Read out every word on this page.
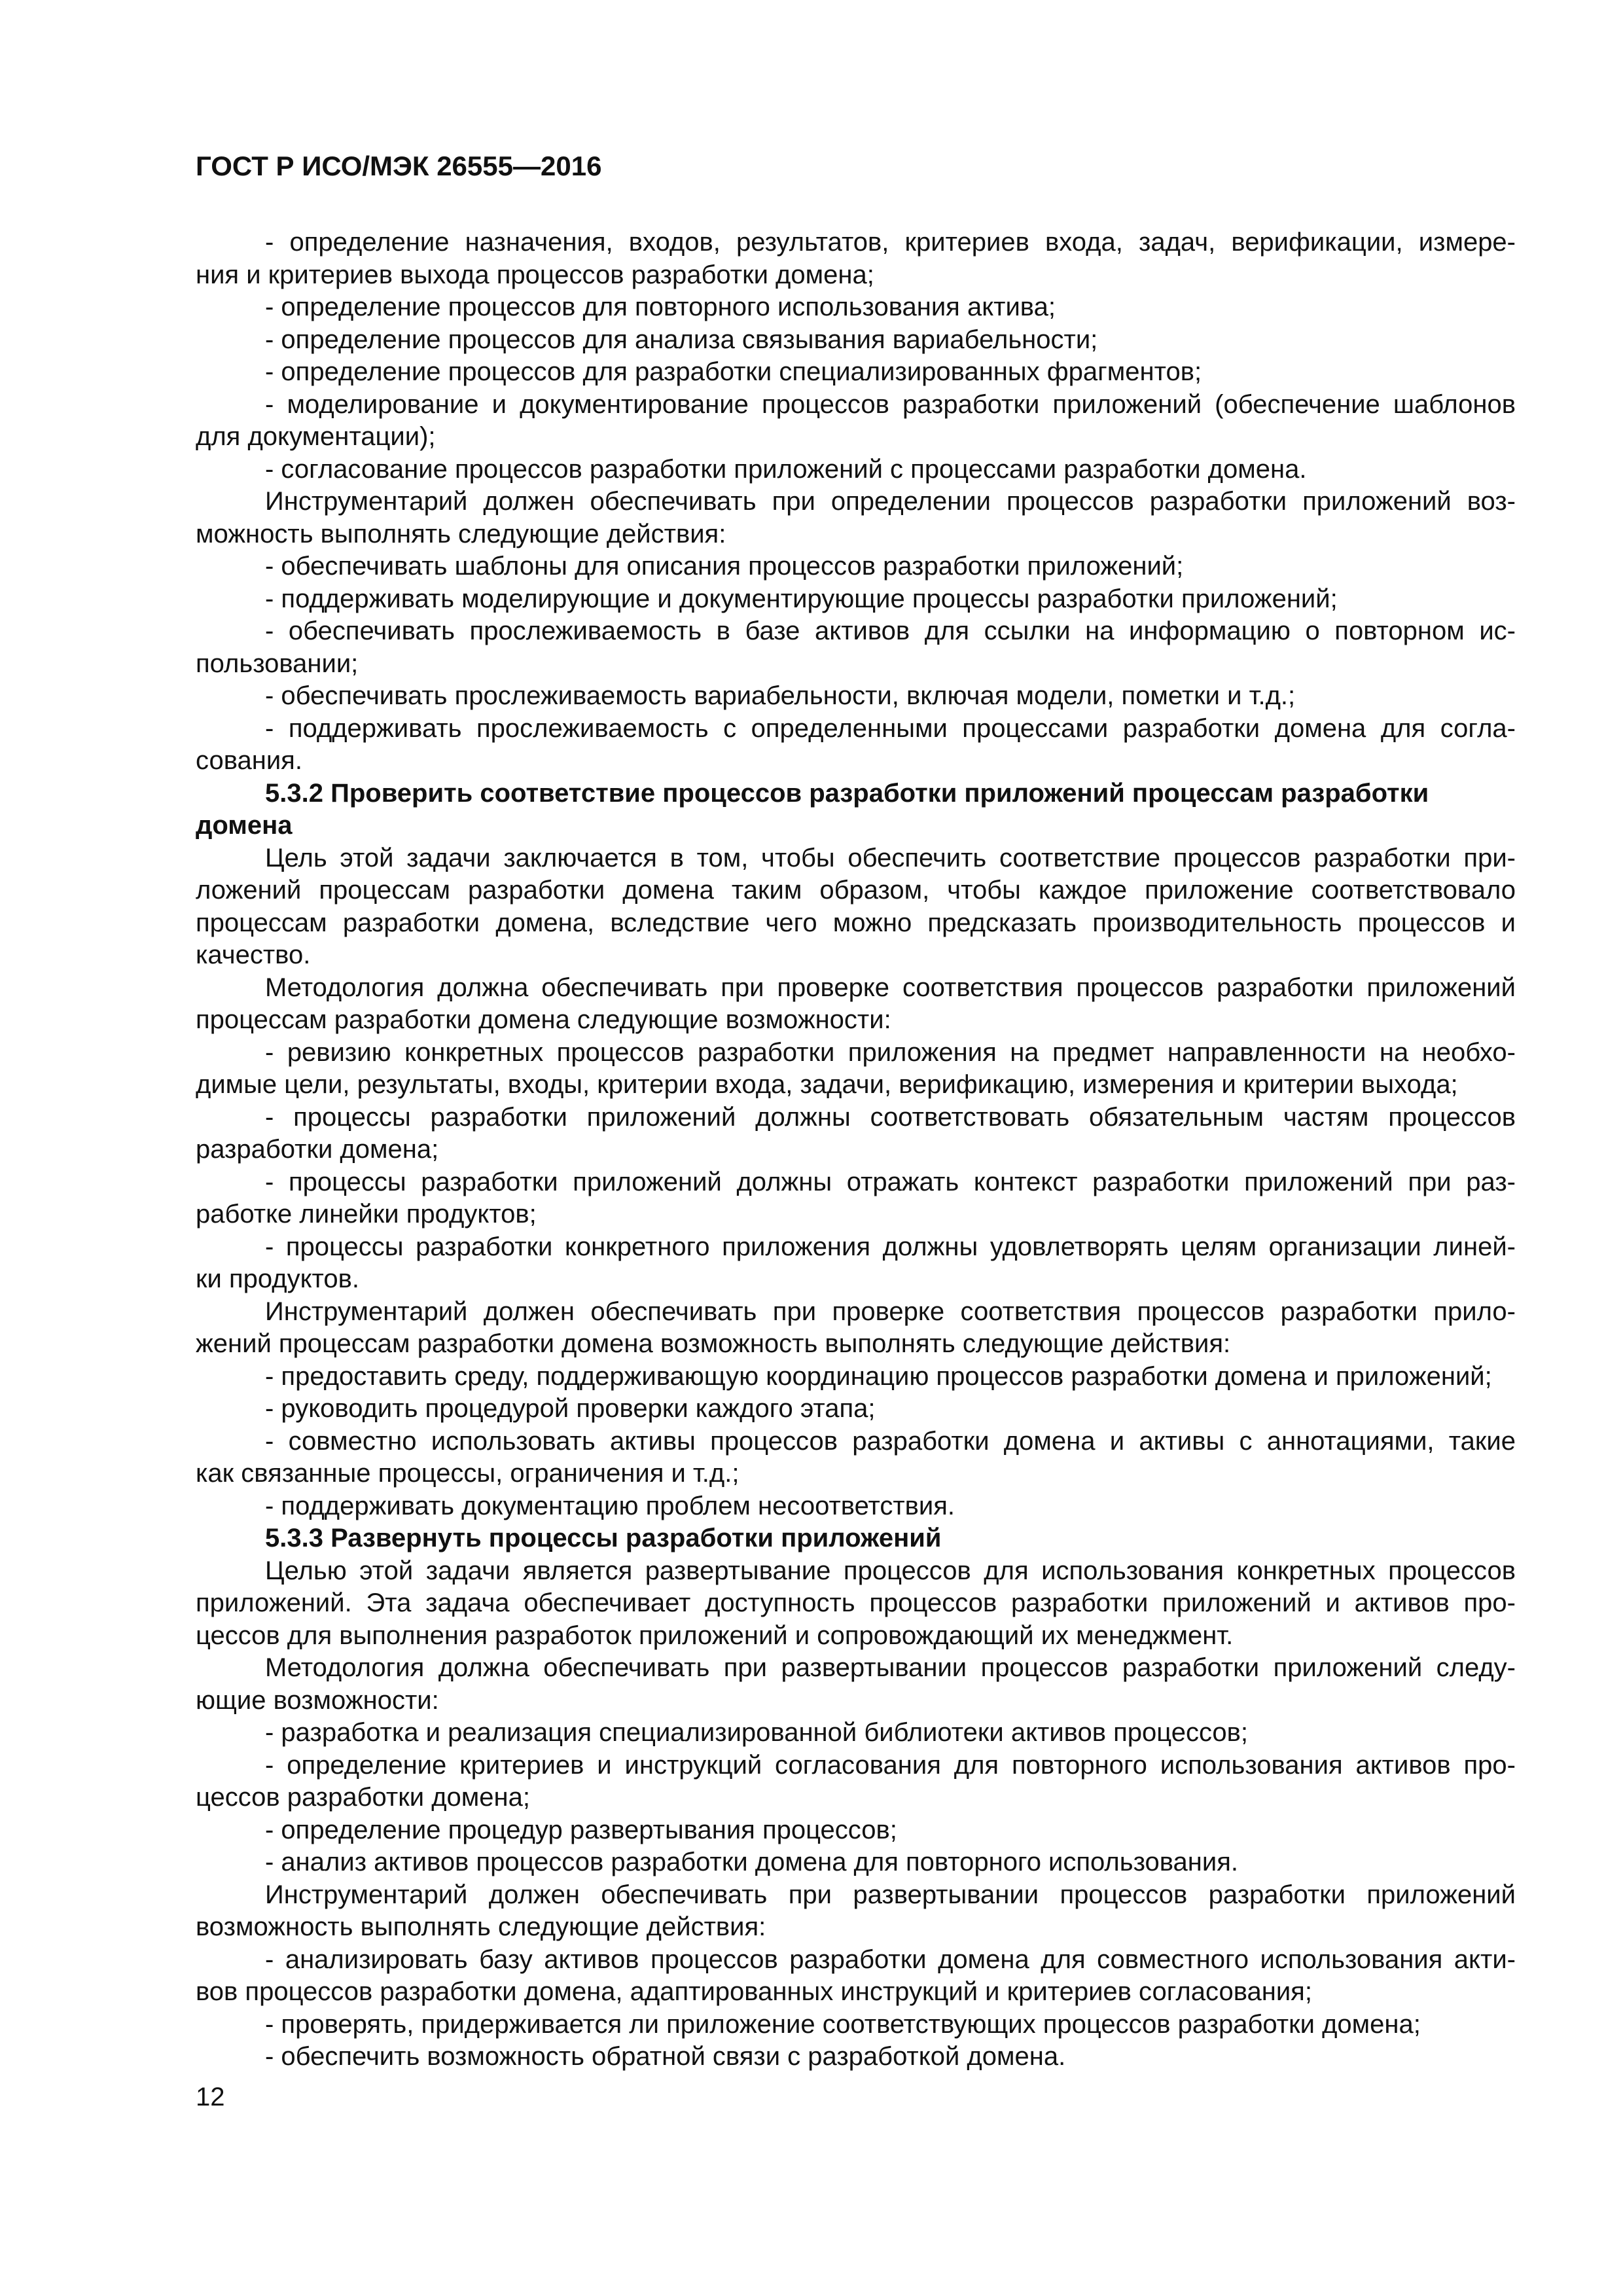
ГОСТ Р ИСО/МЭК 26555—2016
- определение назначения, входов, результатов, критериев входа, задач, верификации, измере-
ния и критериев выхода процессов разработки домена;
- определение процессов для повторного использования актива;
- определение процессов для анализа связывания вариабельности;
- определение процессов для разработки специализированных фрагментов;
- моделирование и документирование процессов разработки приложений (обеспечение шаблонов
для документации);
- согласование процессов разработки приложений с процессами разработки домена.
Инструментарий должен обеспечивать при определении процессов разработки приложений воз-
можность выполнять следующие действия:
- обеспечивать шаблоны для описания процессов разработки приложений;
- поддерживать моделирующие и документирующие процессы разработки приложений;
- обеспечивать прослеживаемость в базе активов для ссылки на информацию о повторном ис-
пользовании;
- обеспечивать прослеживаемость вариабельности, включая модели, пометки и т.д.;
- поддерживать прослеживаемость с определенными процессами разработки домена для согла-
сования.
5.3.2 Проверить соответствие процессов разработки приложений процессам разработки
домена
Цель этой задачи заключается в том, чтобы обеспечить соответствие процессов разработки при-
ложений процессам разработки домена таким образом, чтобы каждое приложение соответствовало
процессам разработки домена, вследствие чего можно предсказать производительность процессов и
качество.
Методология должна обеспечивать при проверке соответствия процессов разработки приложений
процессам разработки домена следующие возможности:
- ревизию конкретных процессов разработки приложения на предмет направленности на необхо-
димые цели, результаты, входы, критерии входа, задачи, верификацию, измерения и критерии выхода;
- процессы разработки приложений должны соответствовать обязательным частям процессов
разработки домена;
- процессы разработки приложений должны отражать контекст разработки приложений при раз-
работке линейки продуктов;
- процессы разработки конкретного приложения должны удовлетворять целям организации линей-
ки продуктов.
Инструментарий должен обеспечивать при проверке соответствия процессов разработки прило-
жений процессам разработки домена возможность выполнять следующие действия:
- предоставить среду, поддерживающую координацию процессов разработки домена и приложений;
- руководить процедурой проверки каждого этапа;
- совместно использовать активы процессов разработки домена и активы с аннотациями, такие
как связанные процессы, ограничения и т.д.;
- поддерживать документацию проблем несоответствия.
5.3.3 Развернуть процессы разработки приложений
Целью этой задачи является развертывание процессов для использования конкретных процессов
приложений. Эта задача обеспечивает доступность процессов разработки приложений и активов про-
цессов для выполнения разработок приложений и сопровождающий их менеджмент.
Методология должна обеспечивать при развертывании процессов разработки приложений следу-
ющие возможности:
- разработка и реализация специализированной библиотеки активов процессов;
- определение критериев и инструкций согласования для повторного использования активов про-
цессов разработки домена;
- определение процедур развертывания процессов;
- анализ активов процессов разработки домена для повторного использования.
Инструментарий должен обеспечивать при развертывании процессов разработки приложений
возможность выполнять следующие действия:
- анализировать базу активов процессов разработки домена для совместного использования акти-
вов процессов разработки домена, адаптированных инструкций и критериев согласования;
- проверять, придерживается ли приложение соответствующих процессов разработки домена;
- обеспечить возможность обратной связи с разработкой домена.
12
